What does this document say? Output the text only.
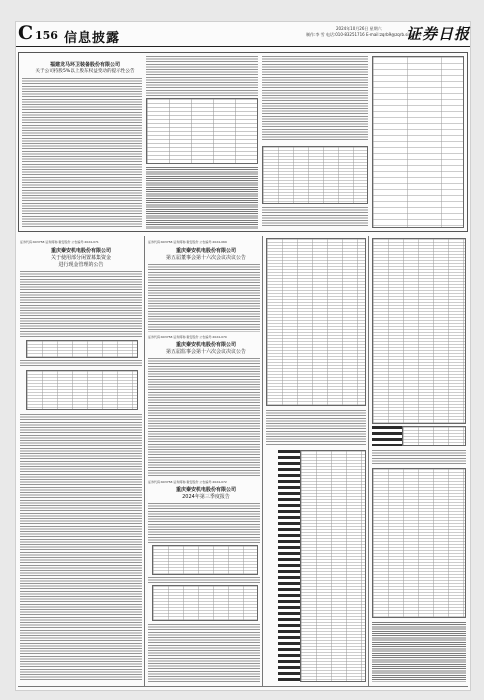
C 156 信息披露
2024年10月26日 星期六
制作:李 雪 电话:010-83251716 E-mail:zqrb9@zqrb.sina.net
证券日报
福建龙马环卫装备股份有限公司
关于公司持股5%以上股东权益变动的提示性公告
证券代码:603758 证券简称:秦安股份 公告编号:2024-071
重庆秦安机电股份有限公司
关于使用部分闲置募集资金
进行现金管理的公告
证券代码:603758 证券简称:秦安股份 公告编号:2024-069
重庆秦安机电股份有限公司
第五届董事会第十六次会议决议公告
证券代码:603758 证券简称:秦安股份 公告编号:2024-070
重庆秦安机电股份有限公司
第五届监事会第十六次会议决议公告
证券代码:603758 证券简称:秦安股份 公告编号:2024-072
重庆秦安机电股份有限公司
2024年第三季度报告
